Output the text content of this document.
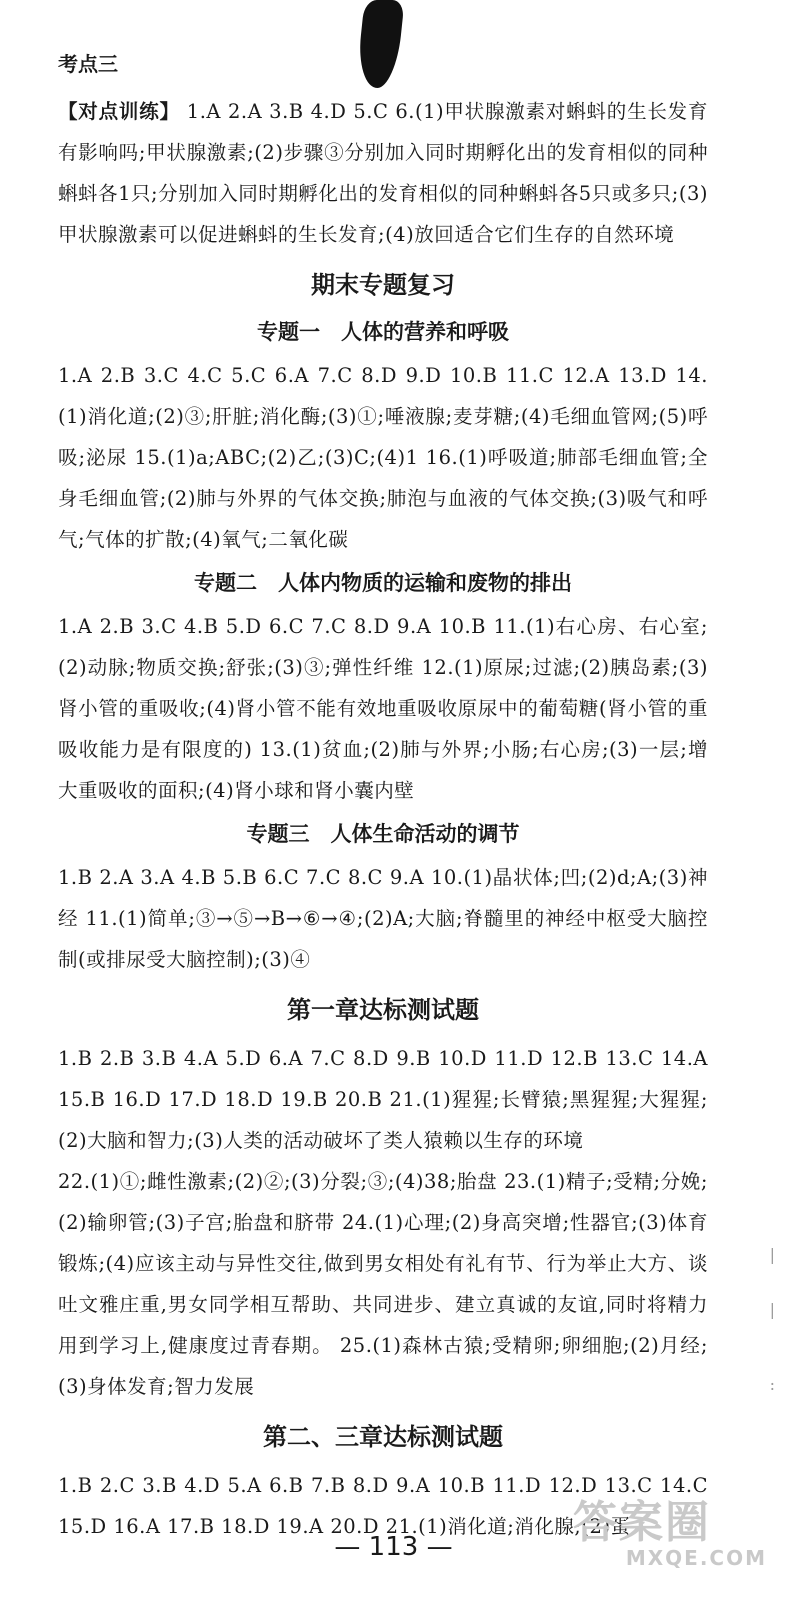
考点三

【对点训练】 1.A 2.A 3.B 4.D 5.C 6.(1)甲状腺激素对蝌蚪的生长发育有影响吗;甲状腺激素;(2)步骤③分别加入同时期孵化出的发育相似的同种蝌蚪各1只;分别加入同时期孵化出的发育相似的同种蝌蚪各5只或多只;(3)甲状腺激素可以促进蝌蚪的生长发育;(4)放回适合它们生存的自然环境

期末专题复习
专题一　人体的营养和呼吸

1.A 2.B 3.C 4.C 5.C 6.A 7.C 8.D 9.D 10.B 11.C 12.A 13.D 14.(1)消化道;(2)③;肝脏;消化酶;(3)①;唾液腺;麦芽糖;(4)毛细血管网;(5)呼吸;泌尿 15.(1)a;ABC;(2)乙;(3)C;(4)1 16.(1)呼吸道;肺部毛细血管;全身毛细血管;(2)肺与外界的气体交换;肺泡与血液的气体交换;(3)吸气和呼气;气体的扩散;(4)氧气;二氧化碳

专题二　人体内物质的运输和废物的排出

1.A 2.B 3.C 4.B 5.D 6.C 7.C 8.D 9.A 10.B 11.(1)右心房、右心室;(2)动脉;物质交换;舒张;(3)③;弹性纤维 12.(1)原尿;过滤;(2)胰岛素;(3)肾小管的重吸收;(4)肾小管不能有效地重吸收原尿中的葡萄糖(肾小管的重吸收能力是有限度的) 13.(1)贫血;(2)肺与外界;小肠;右心房;(3)一层;增大重吸收的面积;(4)肾小球和肾小囊内壁

专题三　人体生命活动的调节

1.B 2.A 3.A 4.B 5.B 6.C 7.C 8.C 9.A 10.(1)晶状体;凹;(2)d;A;(3)神经 11.(1)简单;③→⑤→B→⑥→④;(2)A;大脑;脊髓里的神经中枢受大脑控制(或排尿受大脑控制);(3)④

第一章达标测试题

1.B 2.B 3.B 4.A 5.D 6.A 7.C 8.D 9.B 10.D 11.D 12.B 13.C 14.A 15.B 16.D 17.D 18.D 19.B 20.B 21.(1)猩猩;长臂猿;黑猩猩;大猩猩;(2)大脑和智力;(3)人类的活动破坏了类人猿赖以生存的环境

22.(1)①;雌性激素;(2)②;(3)分裂;③;(4)38;胎盘 23.(1)精子;受精;分娩;(2)输卵管;(3)子宫;胎盘和脐带 24.(1)心理;(2)身高突增;性器官;(3)体育锻炼;(4)应该主动与异性交往,做到男女相处有礼有节、行为举止大方、谈吐文雅庄重,男女同学相互帮助、共同进步、建立真诚的友谊,同时将精力用到学习上,健康度过青春期。 25.(1)森林古猿;受精卵;卵细胞;(2)月经;(3)身体发育;智力发展

第二、三章达标测试题

1.B 2.C 3.B 4.D 5.A 6.B 7.B 8.D 9.A 10.B 11.D 12.D 13.C 14.C 15.D 16.A 17.B 18.D 19.A 20.D 21.(1)消化道;消化腺;(2)蛋

|
|
:
— 113 —	答案圈
MXQE.COM
